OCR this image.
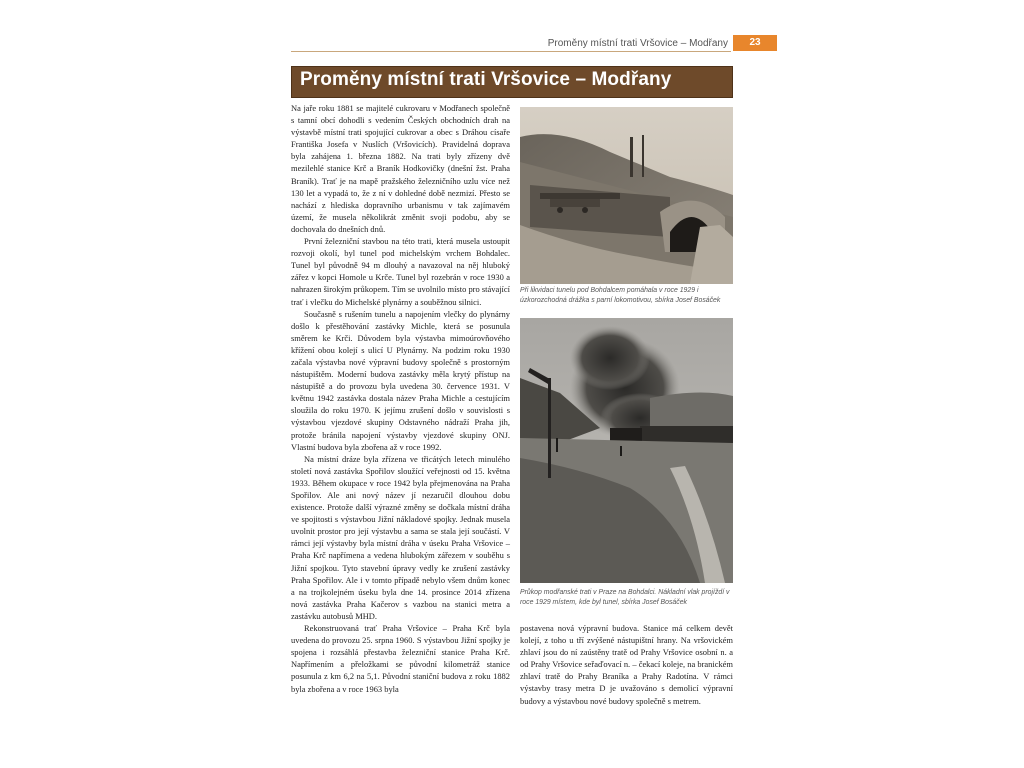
Proměny místní trati Vršovice – Modřany	23
Proměny místní trati Vršovice – Modřany

Na jaře roku 1881 se majitelé cukrovaru v Modřanech společně s tamní obcí dohodli s vedením Českých obchodních drah na výstavbě místní trati spojující cukrovar a obec s Dráhou císaře Františka Josefa v Nuslích (Vršovicích). Pravidelná doprava byla zahájena 1. března 1882. Na trati byly zřízeny dvě mezilehlé stanice Krč a Braník Hodkovičky (dnešní žst. Praha Braník). Trať je na mapě pražského železničního uzlu více než 130 let a vypadá to, že z ní v dohledné době nezmizí. Přesto se nachází z hlediska dopravního urbanismu v tak zajímavém území, že musela několikrát změnit svoji podobu, aby se dochovala do dnešních dnů.

První železniční stavbou na této trati, která musela ustoupit rozvoji okolí, byl tunel pod michelským vrchem Bohdalec. Tunel byl původně 94 m dlouhý a navazoval na něj hluboký zářez v kopci Homole u Krče. Tunel byl rozebrán v roce 1930 a nahrazen širokým průkopem. Tím se uvolnilo místo pro stávající trať i vlečku do Michelské plynárny a souběžnou silnici.

Současně s rušením tunelu a napojením vlečky do plynárny došlo k přestěhování zastávky Michle, která se posunula směrem ke Krči. Důvodem byla výstavba mimoúrovňového křížení obou kolejí s ulicí U Plynárny. Na podzim roku 1930 začala výstavba nové výpravní budovy společně s prostorným nástupištěm. Moderní budova zastávky měla krytý přístup na nástupiště a do provozu byla uvedena 30. července 1931. V květnu 1942 zastávka dostala název Praha Michle a cestujícím sloužila do roku 1970. K jejímu zrušení došlo v souvislosti s výstavbou vjezdové skupiny Odstavného nádraží Praha jih, protože bránila napojení výstavby vjezdové skupiny ONJ. Vlastní budova byla zbořena až v roce 1992.

Na místní dráze byla zřízena ve třicátých letech minulého století nová zastávka Spořilov sloužící veřejnosti od 15. května 1933. Během okupace v roce 1942 byla přejmenována na Praha Spořilov. Ale ani nový název jí nezaručil dlouhou dobu existence. Protože další výrazné změny se dočkala místní dráha ve spojitosti s výstavbou Jižní nákladové spojky. Jednak musela uvolnit prostor pro její výstavbu a sama se stala její součástí. V rámci její výstavby byla místní dráha v úseku Praha Vršovice – Praha Krč napřímena a vedena hlubokým zářezem v souběhu s Jižní spojkou. Tyto stavební úpravy vedly ke zrušení zastávky Praha Spořilov. Ale i v tomto případě nebylo všem dnům konec a na trojkolejném úseku byla dne 14. prosince 2014 zřízena nová zastávka Praha Kačerov s vazbou na stanici metra a zastávku autobusů MHD.

Rekonstruovaná trať Praha Vršovice – Praha Krč byla uvedena do provozu 25. srpna 1960. S výstavbou Jižní spojky je spojena i rozsáhlá přestavba železniční stanice Praha Krč. Napřímením a přeložkami se původní kilometráž stanice posunula z km 6,2 na 5,1. Původní staniční budova z roku 1882 byla zbořena a v roce 1963 byla

Při likvidaci tunelu pod Bohdalcem pomáhala v roce 1929 i úzkorozchodná drážka s parní lokomotivou, sbírka Josef Bosáček
Průkop modřanské trati v Praze na Bohdalci. Nákladní vlak projíždí v roce 1929 místem, kde byl tunel, sbírka Josef Bosáček

postavena nová výpravní budova. Stanice má celkem devět kolejí, z toho u tří zvýšené nástupištní hrany. Na vršovickém zhlaví jsou do ní zaústěny tratě od Prahy Vršovice osobní n. a od Prahy Vršovice seřaďovací n. – čekací koleje, na branickém zhlaví tratě do Prahy Braníka a Prahy Radotína. V rámci výstavby trasy metra D je uvažováno s demolicí výpravní budovy a výstavbou nové budovy společně s metrem.
